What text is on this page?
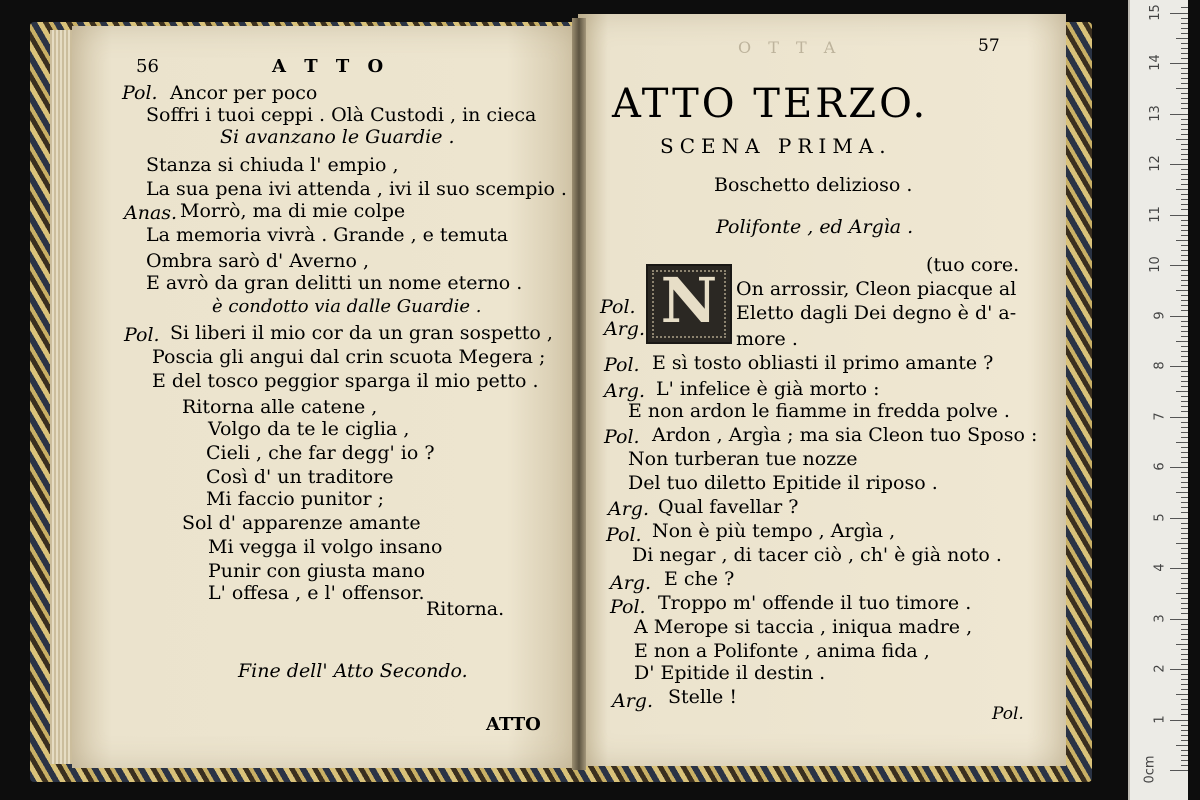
56	A T T O
Pol. Ancor per poco
Soffri i tuoi ceppi . Olà Custodi , in cieca
Si avanzano le Guardie .
Stanza si chiuda l' empio ,
La sua pena ivi attenda , ivi il suo scempio .
Anas. Morrò, ma di mie colpe
La memoria vivrà . Grande , e temuta
Ombra sarò d' Averno ,
E avrò da gran delitti un nome eterno .
è condotto via dalle Guardie .
Pol. Si liberi il mio cor da un gran sospetto ,
Poscia gli angui dal crin scuota Megera ;
E del tosco peggior sparga il mio petto .
Ritorna alle catene ,
Volgo da te le ciglia ,
Cieli , che far degg' io ?
Così d' un traditore
Mi faccio punitor ;
Sol d' apparenze amante
Mi vegga il volgo insano
Punir con giusta mano
L' offesa , e l' offensor.
Ritorna.
Fine dell' Atto Secondo.
ATTO
O T T A	57
ATTO TERZO.
SCENA PRIMA.
Boschetto delizioso .
Polifonte , ed Argìa .
N	(tuo core.
Pol.
On arrossir, Cleon piacque al
Arg.
Eletto dagli Dei degno è d' a-
more .
Pol. E sì tosto obliasti il primo amante ?
Arg. L' infelice è già morto :
E non ardon le fiamme in fredda polve .
Pol. Ardon , Argìa ; ma sia Cleon tuo Sposo :
Non turberan tue nozze
Del tuo diletto Epitide il riposo .
Arg. Qual favellar ?
Pol. Non è più tempo , Argìa ,
Di negar , di tacer ciò , ch' è già noto .
Arg. E che ?
Pol. Troppo m' offende il tuo timore .
A Merope si taccia , iniqua madre ,
E non a Polifonte , anima fida ,
D' Epitide il destin .
Arg. Stelle !
Pol.
0cm
1
2
3
4
5
6
7
8
9
10
11
12
13
14
15
